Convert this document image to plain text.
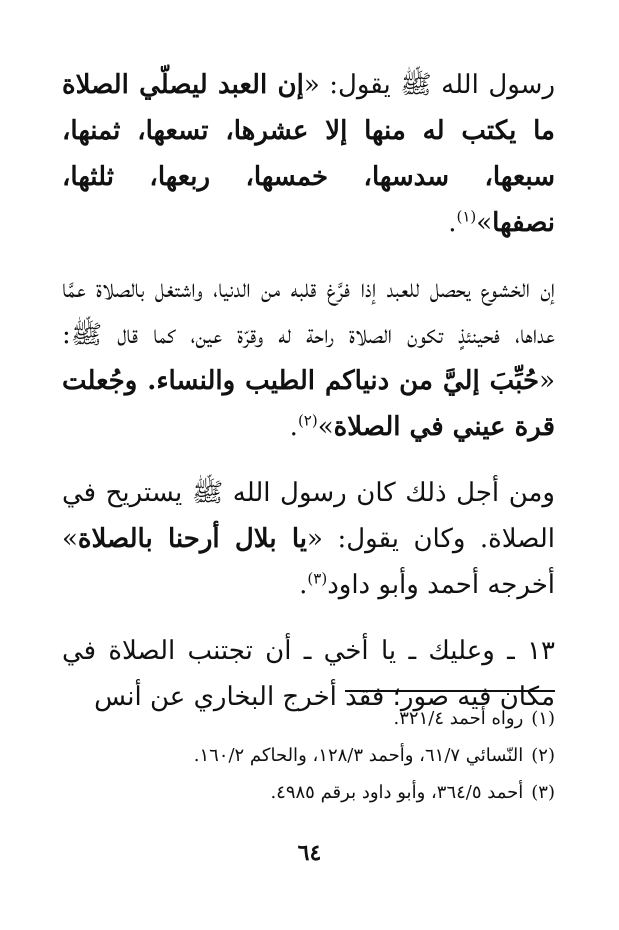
رسول الله ﷺ يقول: «إن العبد ليصلّي الصلاة ما يكتب له منها إلا عشرها، تسعها، ثمنها، سبعها، سدسها، خمسها، ربعها، ثلثها، نصفها»$^{(١)}$.

إن الخشوع يحصل للعبد إذا فرَّغ قلبه من الدنيا، واشتغل بالصلاة عمَّا عداها، فحينئذٍ تكون الصلاة راحة له وقرّة عين، كما قال ﷺ: «حُبِّبَ إليَّ من دنياكم الطيب والنساء. وجُعلت قرة عيني في الصلاة»$^{(٢)}$.

ومن أجل ذلك كان رسول الله ﷺ يستريح في الصلاة. وكان يقول: «يا بلال أرحنا بالصلاة» أخرجه أحمد وأبو داود$^{(٣)}$.

١٣ ـ وعليك ـ يا أخي ـ أن تجتنب الصلاة في مكان فيه صور؛ فقد أخرج البخاري عن أنس

(١)رواه أحمد ٣٢١/٤.

(٢)النّسائي ٦١/٧، وأحمد ١٢٨/٣، والحاكم ١٦٠/٢.

(٣)أحمد ٣٦٤/٥، وأبو داود برقم ٤٩٨٥.

٦٤
